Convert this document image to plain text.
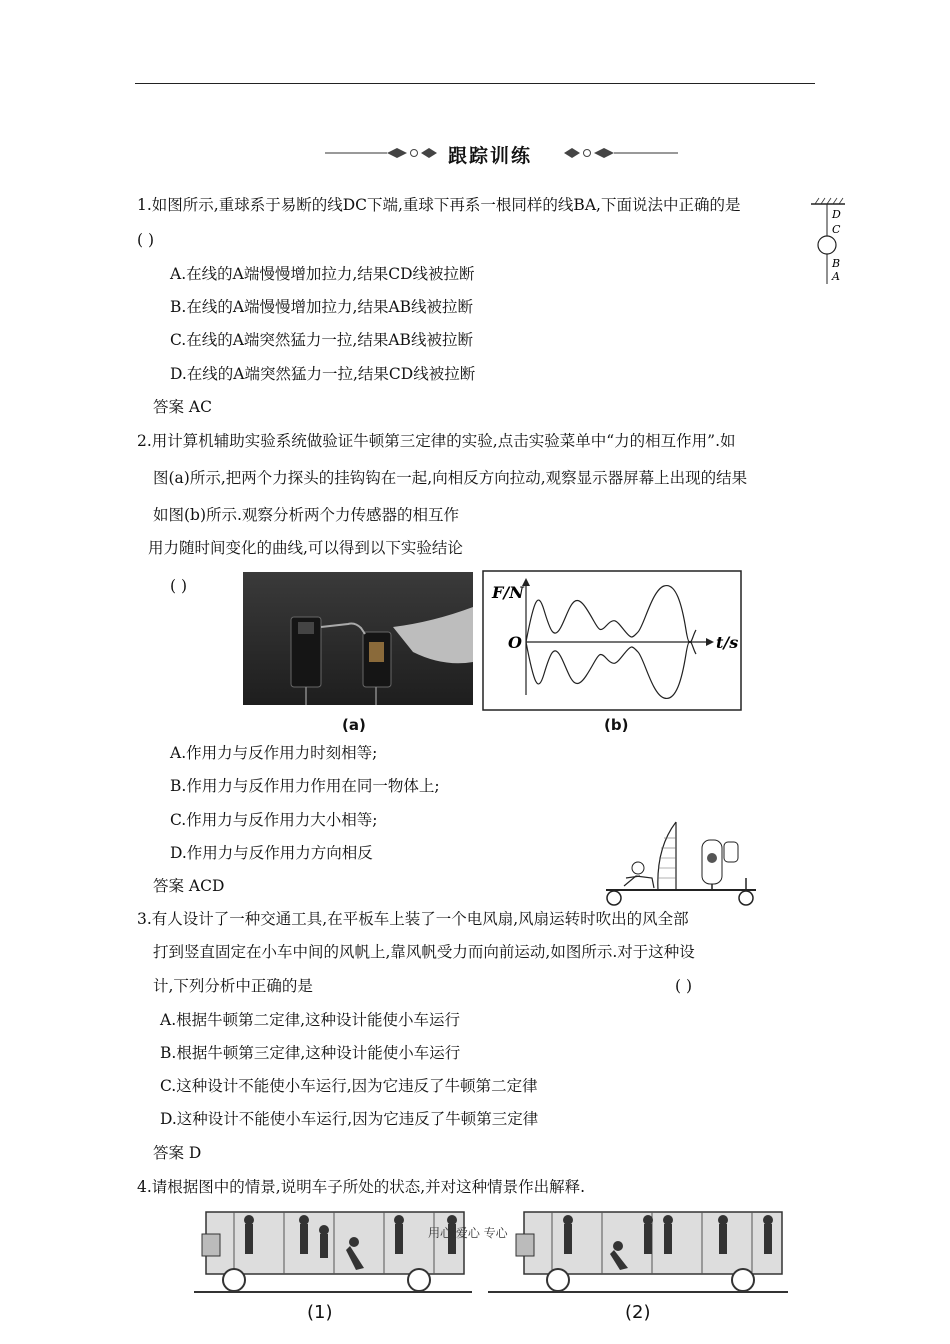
跟踪训练
1.如图所示,重球系于易断的线DC下端,重球下再系一根同样的线BA,下面说法中正确的是
( )
A.在线的A端慢慢增加拉力,结果CD线被拉断
B.在线的A端慢慢增加拉力,结果AB线被拉断
C.在线的A端突然猛力一拉,结果AB线被拉断
D.在线的A端突然猛力一拉,结果CD线被拉断
答案 AC
D
C
B
A
2.用计算机辅助实验系统做验证牛顿第三定律的实验,点击实验菜单中“力的相互作用”.如
图(a)所示,把两个力探头的挂钩钩在一起,向相反方向拉动,观察显示器屏幕上出现的结果
如图(b)所示.观察分析两个力传感器的相互作
用力随时间变化的曲线,可以得到以下实验结论
( )
(a)
F/N
O	t/s
(b)
A.作用力与反作用力时刻相等;
B.作用力与反作用力作用在同一物体上;
C.作用力与反作用力大小相等;
D.作用力与反作用力方向相反
答案 ACD
3.有人设计了一种交通工具,在平板车上装了一个电风扇,风扇运转时吹出的风全部
打到竖直固定在小车中间的风帆上,靠风帆受力而向前运动,如图所示.对于这种设
计,下列分析中正确的是	( )
A.根据牛顿第二定律,这种设计能使小车运行
B.根据牛顿第三定律,这种设计能使小车运行
C.这种设计不能使小车运行,因为它违反了牛顿第二定律
D.这种设计不能使小车运行,因为它违反了牛顿第三定律
答案 D
4.请根据图中的情景,说明车子所处的状态,并对这种情景作出解释.
用心 爱心 专心
(1)	(2)
